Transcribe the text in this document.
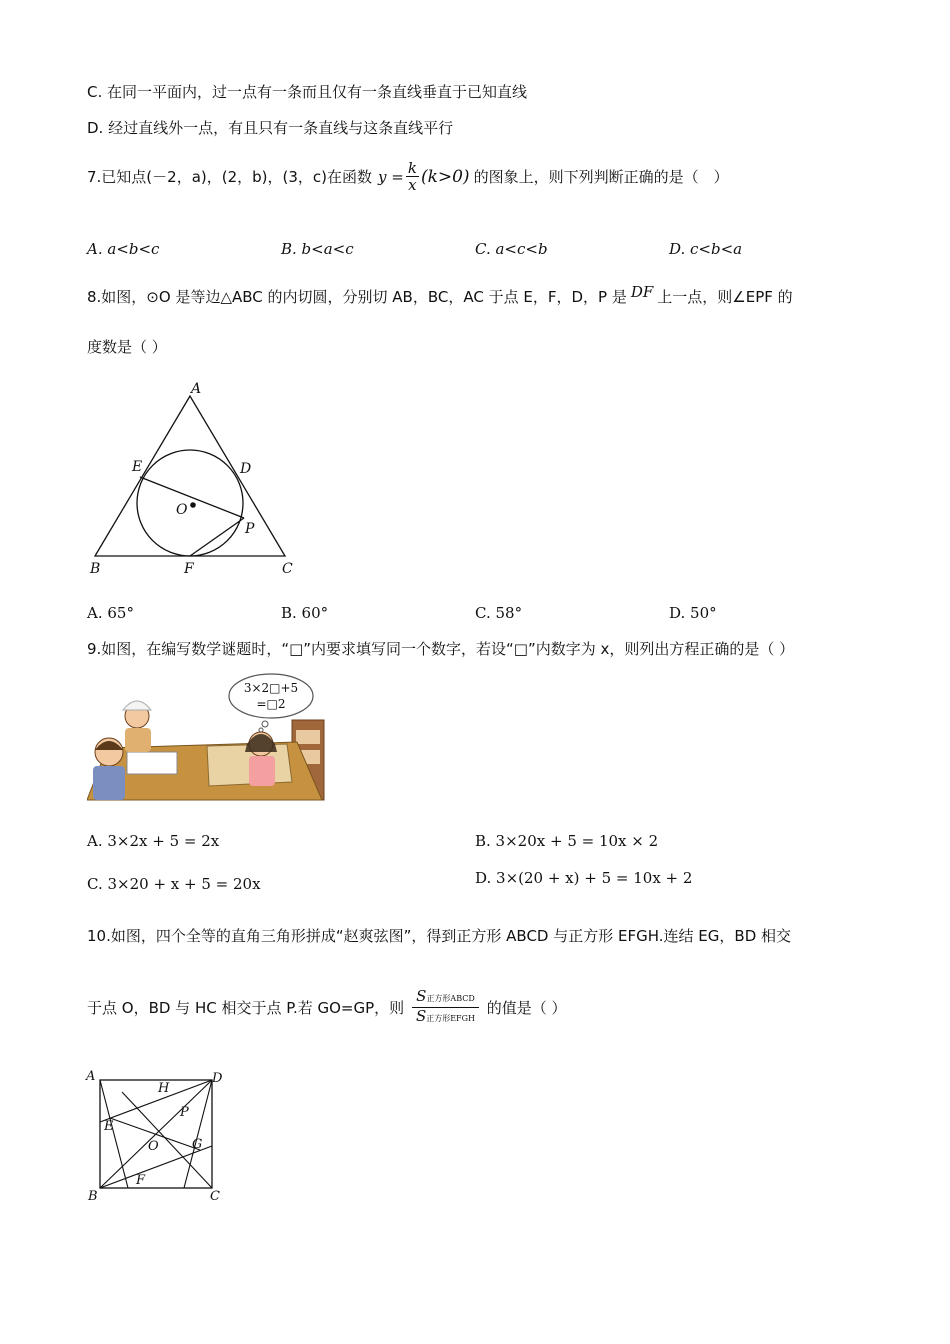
C. 在同一平面内，过一点有一条而且仅有一条直线垂直于已知直线
D. 经过直线外一点，有且只有一条直线与这条直线平行
7.已知点(－2，a)，(2，b)，(3，c)在函数 $y = \frac{k}{x} (k>0)$ 的图象上，则下列判断正确的是（　）
A. a<b<c	B. b<a<c	C. a<c<b	D. c<b<a
8.如图，⊙O 是等边△ABC 的内切圆，分别切 AB，BC，AC 于点 E，F，D，P 是 DF 上一点，则∠EPF 的
度数是（ ）
A
B	C
D
E
F
O
P
A. 65°	B. 60°	C. 58°	D. 50°
9.如图，在编写数学谜题时，“□”内要求填写同一个数字，若设“□”内数字为 x，则列出方程正确的是（ ）
3×2□+5
=□2
A. 3×2x + 5 = 2x	B. 3×20x + 5 = 10x × 2
C. 3×20 + x + 5 = 20x	D. 3×(20 + x) + 5 = 10x + 2
10.如图，四个全等的直角三角形拼成“赵爽弦图”，得到正方形 ABCD 与正方形 EFGH.连结 EG，BD 相交
于点 O，BD 与 HC 相交于点 P.若 GO=GP，则 $\frac{\text{S正方形ABCD}}{\text{S正方形EFGH}}$ 的值是（ ）
A
B	C
D
E
F
G
H
O
P
